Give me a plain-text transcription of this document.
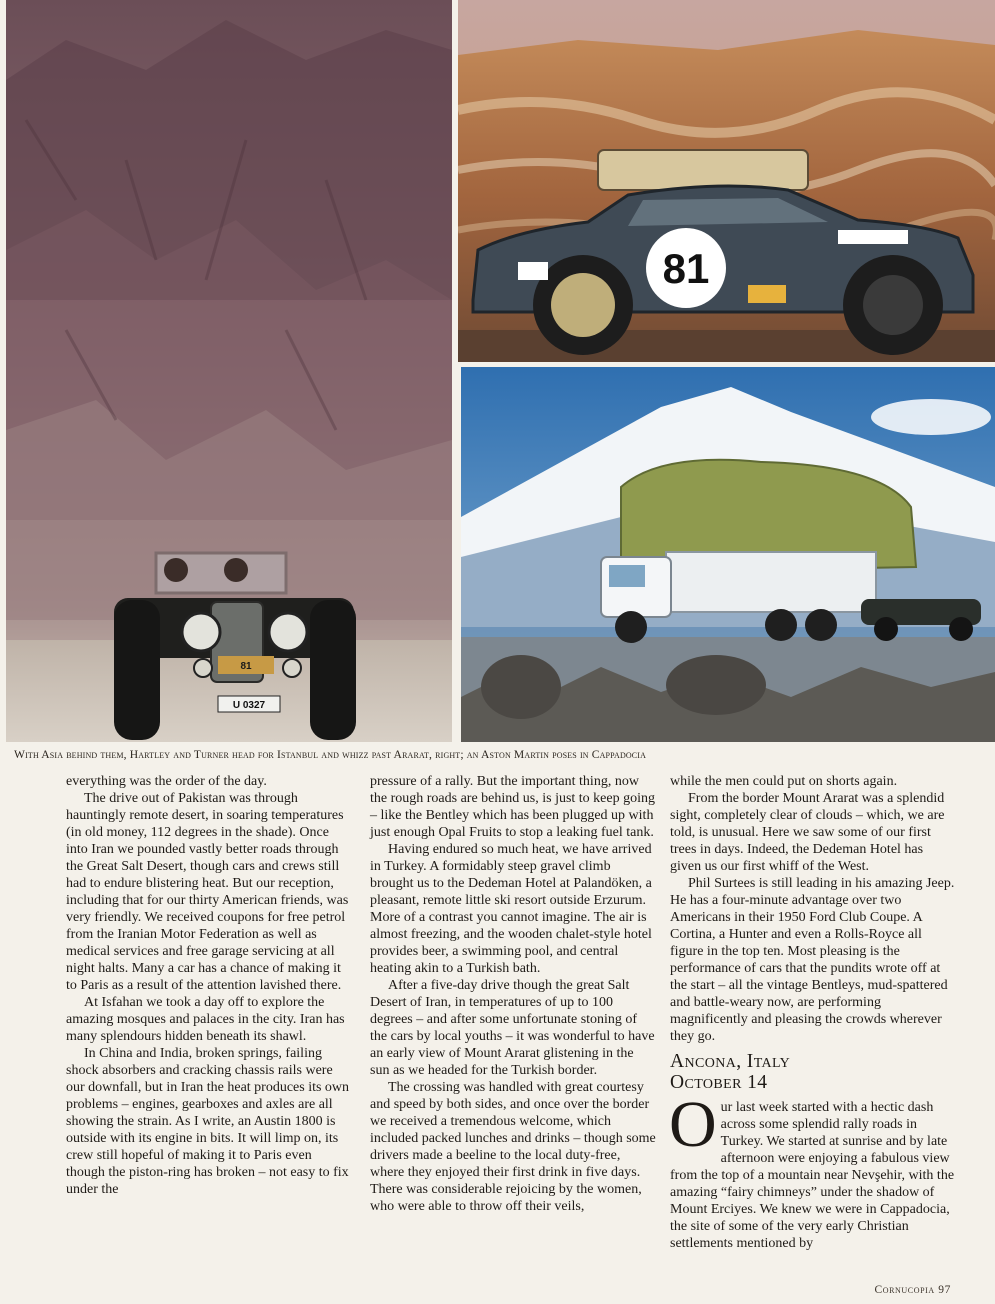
81
U 0327
81
With Asia behind them, Hartley and Turner head for Istanbul and whizz past Ararat, right; an Aston Martin poses in Cappadocia

everything was the order of the day.

The drive out of Pakistan was through hauntingly remote desert, in soaring temperatures (in old money, 112 degrees in the shade). Once into Iran we pounded vastly better roads through the Great Salt Desert, though cars and crews still had to endure blistering heat. But our reception, including that for our thirty American friends, was very friendly. We received coupons for free petrol from the Iranian Motor Federation as well as medical services and free garage servicing at all night halts. Many a car has a chance of making it to Paris as a result of the attention lavished there.

At Isfahan we took a day off to explore the amazing mosques and palaces in the city. Iran has many splendours hidden beneath its shawl.

In China and India, broken springs, failing shock absorbers and cracking chassis rails were our downfall, but in Iran the heat produces its own problems – engines, gearboxes and axles are all showing the strain. As I write, an Austin 1800 is outside with its engine in bits. It will limp on, its crew still hopeful of making it to Paris even though the piston-ring has broken – not easy to fix under the

pressure of a rally. But the important thing, now the rough roads are behind us, is just to keep going – like the Bentley which has been plugged up with just enough Opal Fruits to stop a leaking fuel tank.

Having endured so much heat, we have arrived in Turkey. A formidably steep gravel climb brought us to the Dedeman Hotel at Palandöken, a pleasant, remote little ski resort outside Erzurum. More of a contrast you cannot imagine. The air is almost freezing, and the wooden chalet-style hotel provides beer, a swimming pool, and central heating akin to a Turkish bath.

After a five-day drive though the great Salt Desert of Iran, in temperatures of up to 100 degrees – and after some unfortunate stoning of the cars by local youths – it was wonderful to have an early view of Mount Ararat glistening in the sun as we headed for the Turkish border.

The crossing was handled with great courtesy and speed by both sides, and once over the border we received a tremendous welcome, which included packed lunches and drinks – though some drivers made a beeline to the local duty-free, where they enjoyed their first drink in five days. There was considerable rejoicing by the women, who were able to throw off their veils,

while the men could put on shorts again.

From the border Mount Ararat was a splendid sight, completely clear of clouds – which, we are told, is unusual. Here we saw some of our first trees in days. Indeed, the Dedeman Hotel has given us our first whiff of the West.

Phil Surtees is still leading in his amazing Jeep. He has a four-minute advantage over two Americans in their 1950 Ford Club Coupe. A Cortina, a Hunter and even a Rolls-Royce all figure in the top ten. Most pleasing is the performance of cars that the pundits wrote off at the start – all the vintage Bentleys, mud-spattered and battle-weary now, are performing magnificently and pleasing the crowds wherever they go.

Ancona, Italy
October 14
O ur last week started with a hectic dash across some splendid rally roads in Turkey. We started at sunrise and by late afternoon were enjoying a fabulous view from the top of a mountain near Nevşehir, with the amazing “fairy chimneys” under the shadow of Mount Erciyes. We knew we were in Cappadocia, the site of some of the very early Christian settlements mentioned by

Cornucopia 97
